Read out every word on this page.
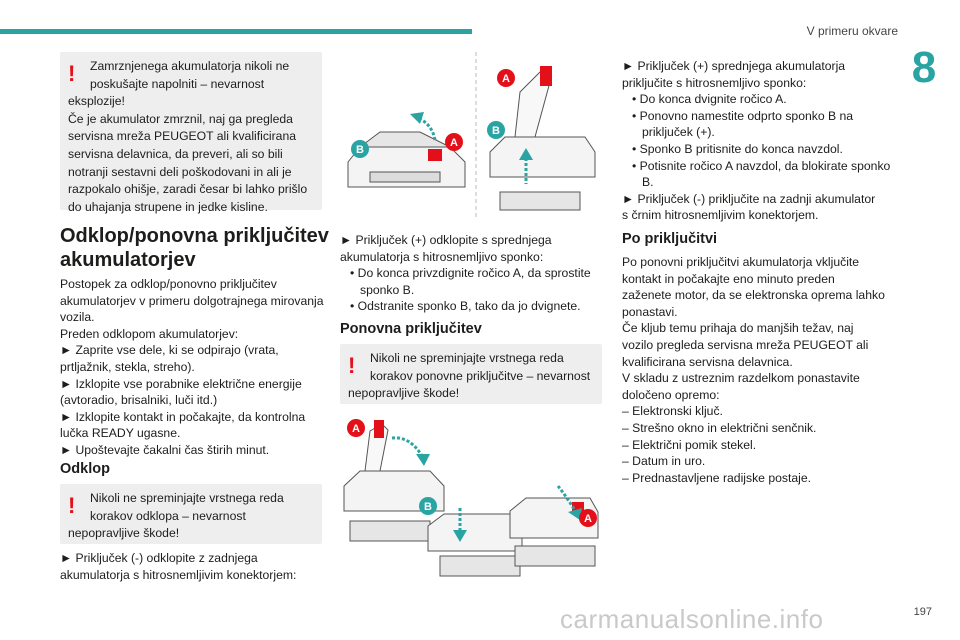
V primeru okvare
8
!	Zamrznjenega akumulatorja nikoli ne poskušajte napolniti – nevarnost

eksplozije!

Če je akumulator zmrznil, naj ga pregleda

servisna mreža PEUGEOT ali kvalificirana

servisna delavnica, da preveri, ali so bili

notranji sestavni deli poškodovani in ali je

razpokalo ohišje, zaradi česar bi lahko prišlo

do uhajanja strupene in jedke kisline.

Odklop/ponovna priključitev akumulatorjev

Postopek za odklop/ponovno priključitev

akumulatorjev v primeru dolgotrajnega mirovanja

vozila.

Preden odklopom akumulatorjev:

► Zaprite vse dele, ki se odpirajo (vrata,

prtljažnik, stekla, streho).

► Izklopite vse porabnike električne energije

(avtoradio, brisalniki, luči itd.)

► Izklopite kontakt in počakajte, da kontrolna

lučka READY ugasne.

► Upoštevajte čakalni čas štirih minut.

Odklop
!	Nikoli ne spreminjajte vrstnega reda korakov odklopa – nevarnost

nepopravljive škode!

► Priključek (-) odklopite z zadnjega

akumulatorja s hitrosnemljivim konektorjem:

B
A
A
B

► Priključek (+) odklopite s sprednjega

akumulatorja s hitrosnemljivo sponko:

• Do konca privzdignite ročico A, da sprostite sponko B.

• Odstranite sponko B, tako da jo dvignete.

Ponovna priključitev
!	Nikoli ne spreminjajte vrstnega reda korakov ponovne priključitve – nevarnost

nepopravljive škode!

A
B
A

► Priključek (+) sprednjega akumulatorja

priključite s hitrosnemljivo sponko:

• Do konca dvignite ročico A.

• Ponovno namestite odprto sponko B na priključek (+).

• Sponko B pritisnite do konca navzdol.

• Potisnite ročico A navzdol, da blokirate sponko B.

► Priključek (-) priključite na zadnji akumulator

s črnim hitrosnemljivim konektorjem.

Po priključitvi

Po ponovni priključitvi akumulatorja vključite

kontakt in počakajte eno minuto preden

zaženete motor, da se elektronska oprema lahko

ponastavi.

Če kljub temu prihaja do manjših težav, naj

vozilo pregleda servisna mreža PEUGEOT ali

kvalificirana servisna delavnica.

V skladu z ustreznim razdelkom ponastavite

določeno opremo:

– Elektronski ključ.

– Strešno okno in električni senčnik.

– Električni pomik stekel.

– Datum in uro.

– Prednastavljene radijske postaje.

197
carmanualsonline.info
